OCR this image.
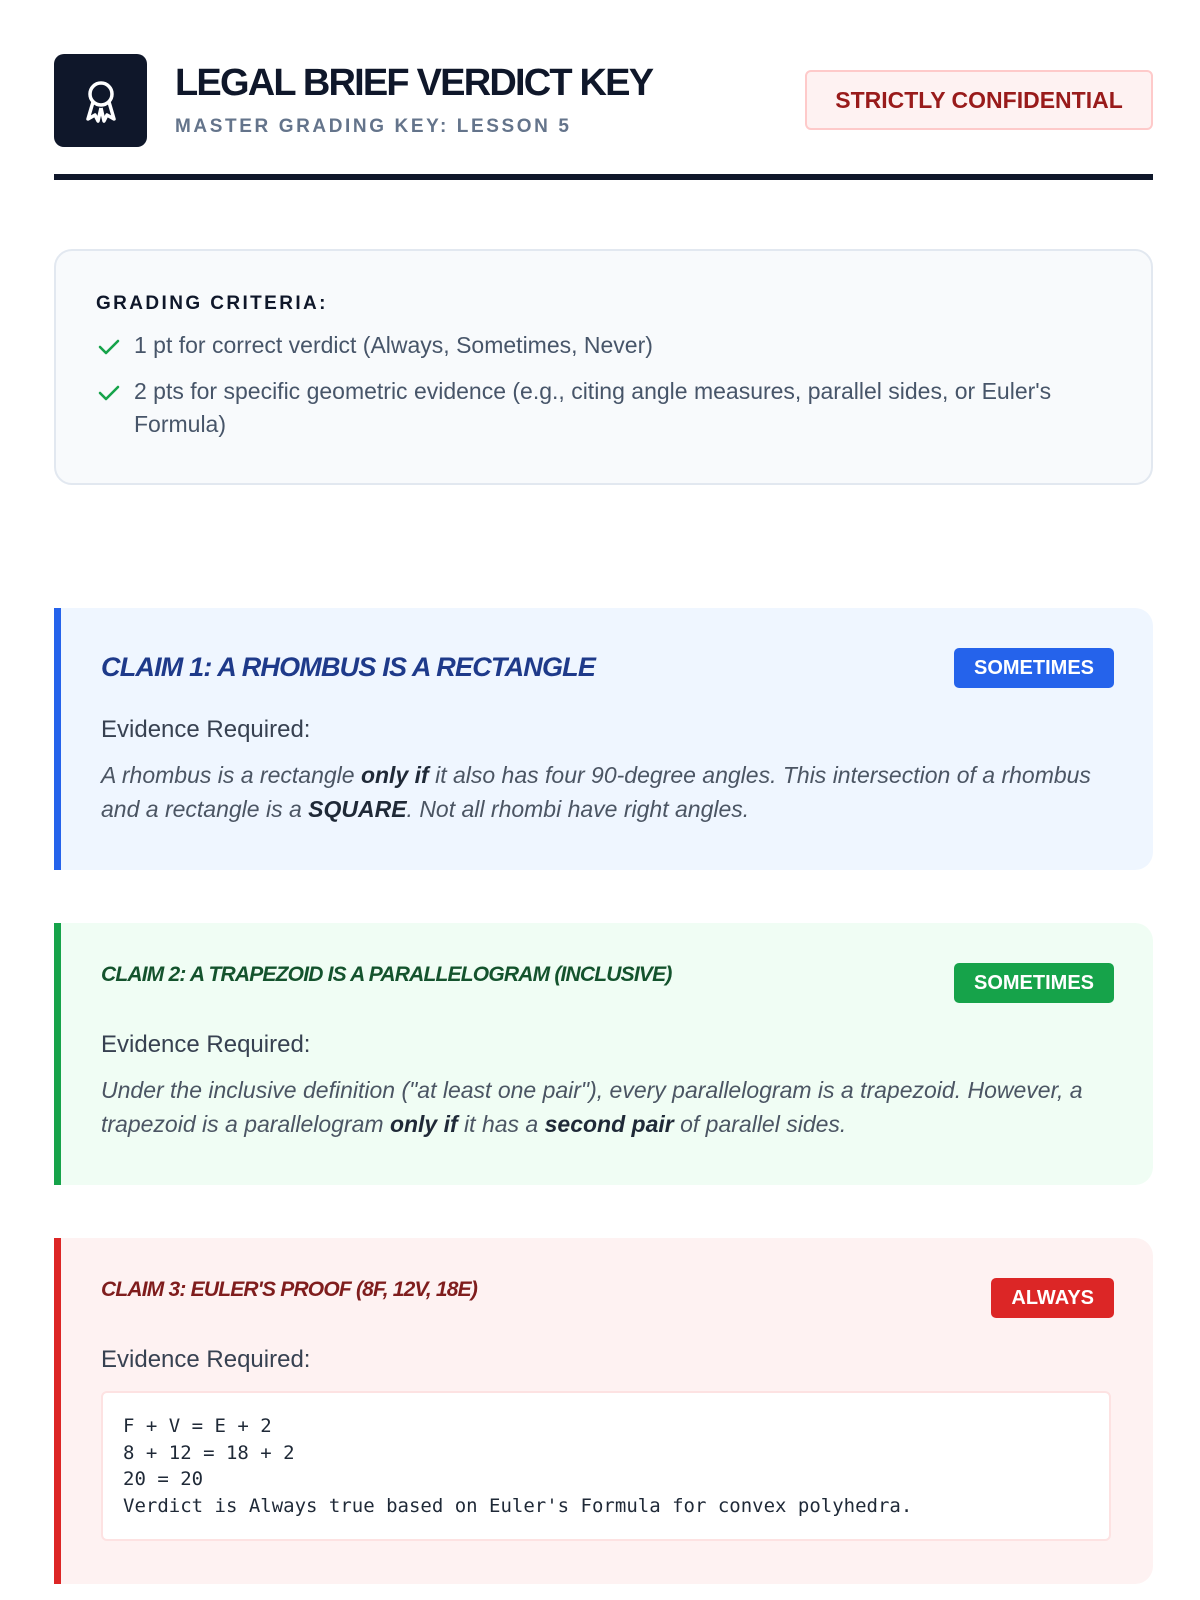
LEGAL BRIEF VERDICT KEY
MASTER GRADING KEY: LESSON 5
STRICTLY CONFIDENTIAL
GRADING CRITERIA:
1 pt for correct verdict (Always, Sometimes, Never)
2 pts for specific geometric evidence (e.g., citing angle measures, parallel sides, or Euler's Formula)
CLAIM 1: A RHOMBUS IS A RECTANGLE	SOMETIMES
Evidence Required:
A rhombus is a rectangle only if it also has four 90-degree angles. This intersection of a rhombus and a rectangle is a SQUARE. Not all rhombi have right angles.
CLAIM 2: A TRAPEZOID IS A PARALLELOGRAM (INCLUSIVE)	SOMETIMES
Evidence Required:
Under the inclusive definition ("at least one pair"), every parallelogram is a trapezoid. However, a trapezoid is a parallelogram only if it has a second pair of parallel sides.
CLAIM 3: EULER'S PROOF (8F, 12V, 18E)	ALWAYS
Evidence Required:
F + V = E + 2
8 + 12 = 18 + 2
20 = 20
Verdict is Always true based on Euler's Formula for convex polyhedra.
